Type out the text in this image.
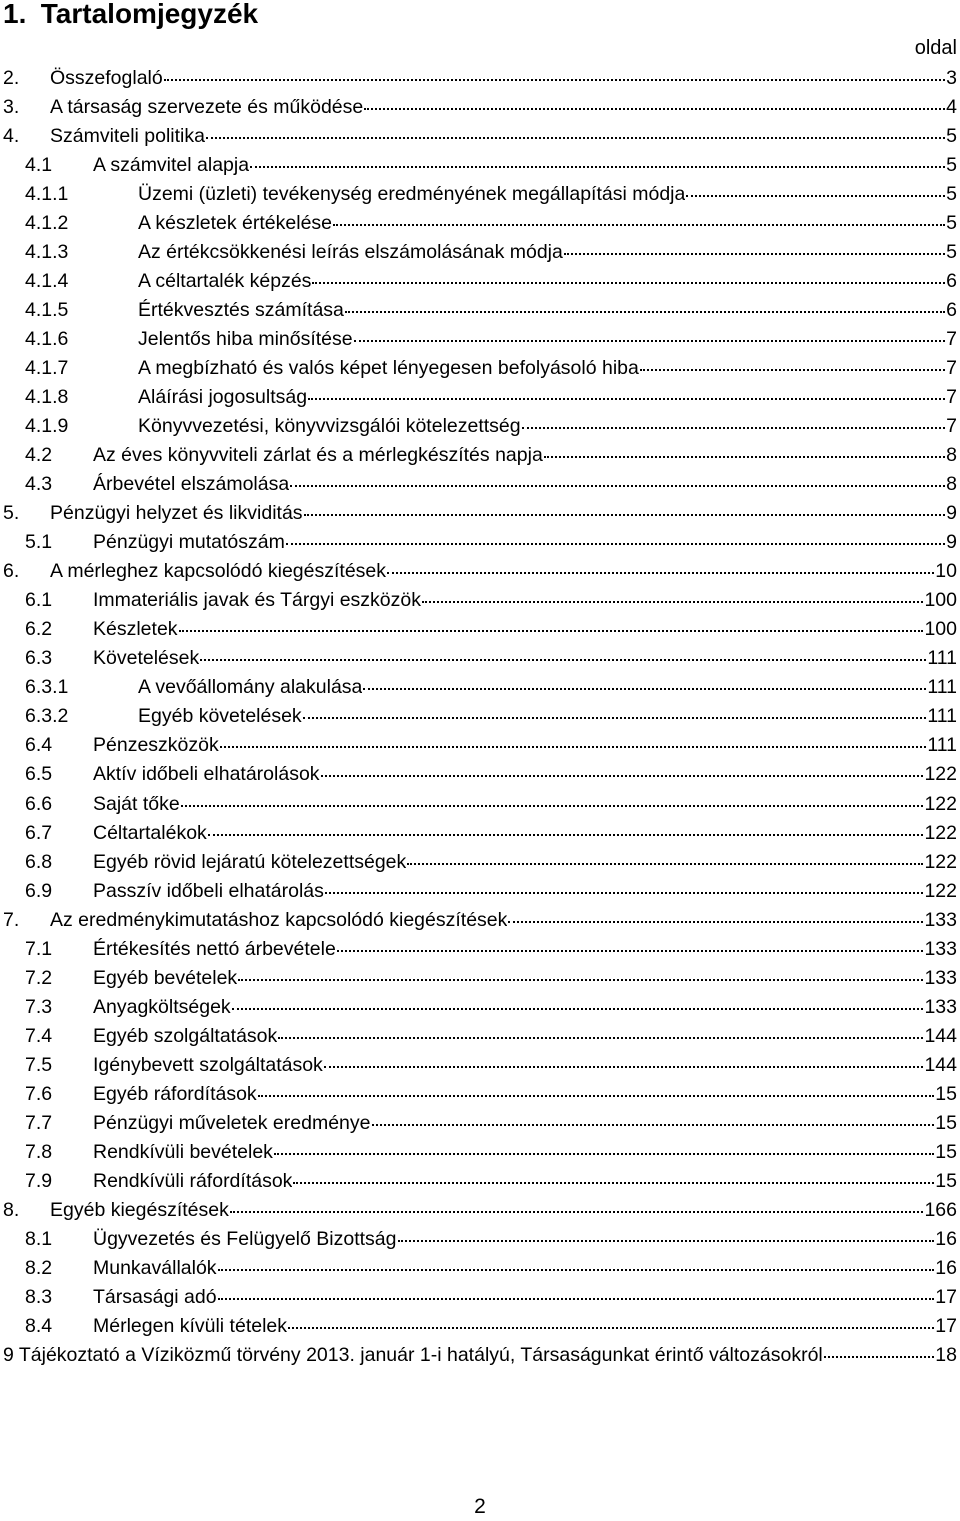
1. Tartalomjegyzék
oldal
2.	Összefoglaló	3
3.	A társaság szervezete és működése	4
4.	Számviteli politika	5
4.1	A számvitel alapja	5
4.1.1	Üzemi (üzleti) tevékenység eredményének megállapítási módja	5
4.1.2	A készletek értékelése	5
4.1.3	Az értékcsökkenési leírás elszámolásának módja	5
4.1.4	A céltartalék képzés	6
4.1.5	Értékvesztés számítása	6
4.1.6	Jelentős hiba minősítése	7
4.1.7	A megbízható és valós képet lényegesen befolyásoló hiba	7
4.1.8	Aláírási jogosultság	7
4.1.9	Könyvvezetési, könyvvizsgálói kötelezettség	7
4.2	Az éves könyvviteli zárlat és a mérlegkészítés napja	8
4.3	Árbevétel elszámolása	8
5.	Pénzügyi helyzet és likviditás	9
5.1	Pénzügyi mutatószám	9
6.	A mérleghez kapcsolódó kiegészítések	10
6.1	Immateriális javak és Tárgyi eszközök	100
6.2	Készletek	100
6.3	Követelések	111
6.3.1	A vevőállomány alakulása	111
6.3.2	Egyéb követelések	111
6.4	Pénzeszközök	111
6.5	Aktív időbeli elhatárolások	122
6.6	Saját tőke	122
6.7	Céltartalékok	122
6.8	Egyéb rövid lejáratú kötelezettségek	122
6.9	Passzív időbeli elhatárolás	122
7.	Az eredménykimutatáshoz kapcsolódó kiegészítések	133
7.1	Értékesítés nettó árbevétele	133
7.2	Egyéb bevételek	133
7.3	Anyagköltségek	133
7.4	Egyéb szolgáltatások	144
7.5	Igénybevett szolgáltatások	144
7.6	Egyéb ráfordítások	15
7.7	Pénzügyi műveletek eredménye	15
7.8	Rendkívüli bevételek	15
7.9	Rendkívüli ráfordítások	15
8.	Egyéb kiegészítések	166
8.1	Ügyvezetés és Felügyelő Bizottság	16
8.2	Munkavállalók	16
8.3	Társasági adó	17
8.4	Mérlegen kívüli tételek	17
9 Tájékoztató a Víziközmű törvény 2013. január 1-i hatályú, Társaságunkat érintő változásokról	18
2
